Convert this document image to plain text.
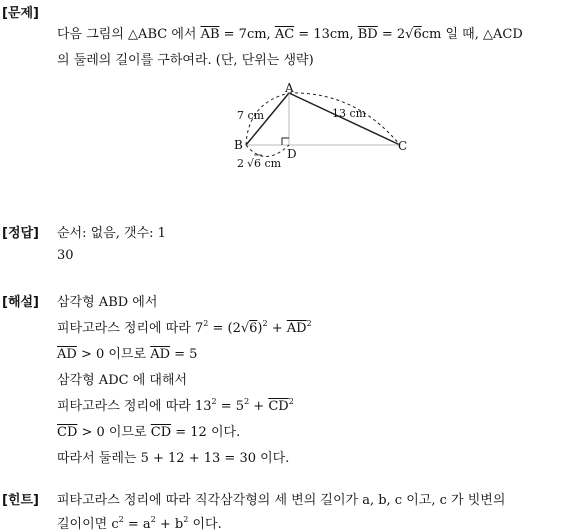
[문제]
다음 그림의 △ABC 에서 $\overline{AB} = 7cm$, $\overline{AC} = 13cm$, $\overline{BD} = 2√6cm$ 일 때, △ACD
의 둘레의 길이를 구하여라. (단, 단위는 생략)
A
B	C
D
7 cm	13 cm
2 √6 cm
[정답] 순서: 없음, 갯수: 1
30
[해설] 삼각형 ABD 에서
피타고라스 정리에 따라 $7^2 = (2√6)^2 + \overline{AD}^2$
$\overline{AD} > 0$ 이므로 $\overline{AD} = 5$
삼각형 ADC 에 대해서
피타고라스 정리에 따라 $13^2 = 5^2 + \overline{CD}^2$
$\overline{CD} > 0$ 이므로 $\overline{CD} = 12$ 이다.
따라서 둘레는 5 + 12 + 13 = 30 이다.
[힌트] 피타고라스 정리에 따라 직각삼각형의 세 변의 길이가 a, b, c 이고, c 가 빗변의
길이이면 $c^2 = a^2 + b^2$ 이다.
